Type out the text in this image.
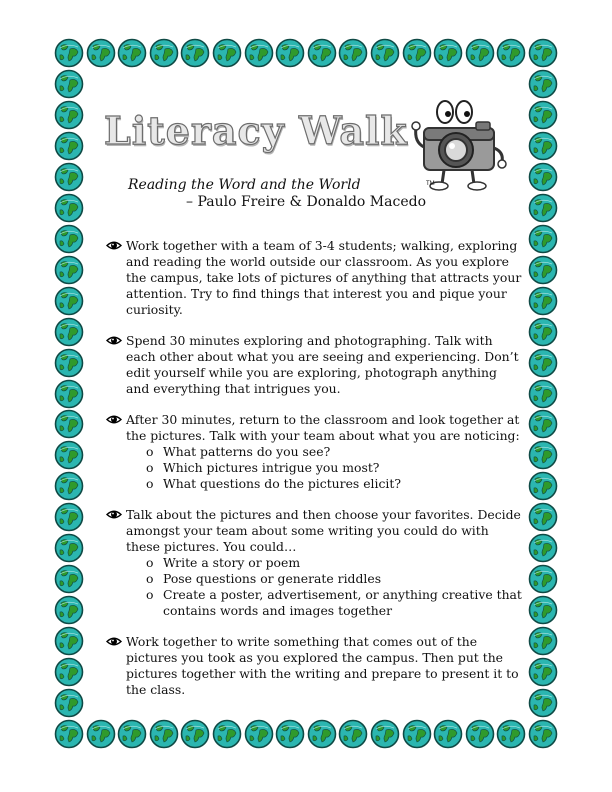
Literacy Walk
TM
Reading the Word and the World
– Paulo Freire & Donaldo Macedo
Work together with a team of 3-4 students; walking, exploring and reading the world outside our classroom. As you explore the campus, take lots of pictures of anything that attracts your attention. Try to find things that interest you and pique your curiosity.
Spend 30 minutes exploring and photographing. Talk with each other about what you are seeing and experiencing. Don’t edit yourself while you are exploring, photograph anything and everything that intrigues you.
After 30 minutes, return to the classroom and look together at the pictures. Talk with your team about what you are noticing:
o What patterns do you see?
o Which pictures intrigue you most?
o What questions do the pictures elicit?
Talk about the pictures and then choose your favorites. Decide amongst your team about some writing you could do with these pictures. You could…
o Write a story or poem
o Pose questions or generate riddles
o Create a poster, advertisement, or anything creative that contains words and images together
Work together to write something that comes out of the pictures you took as you explored the campus. Then put the pictures together with the writing and prepare to present it to the class.
